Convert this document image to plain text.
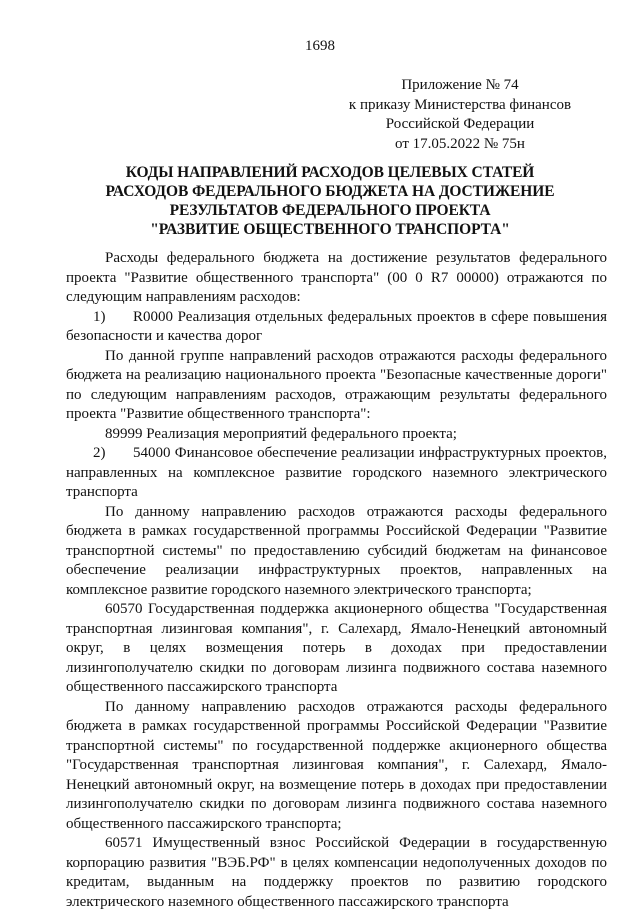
1698
Приложение № 74
к приказу Министерства финансов
Российской Федерации
от 17.05.2022 № 75н
КОДЫ НАПРАВЛЕНИЙ РАСХОДОВ ЦЕЛЕВЫХ СТАТЕЙ
РАСХОДОВ ФЕДЕРАЛЬНОГО БЮДЖЕТА НА ДОСТИЖЕНИЕ
РЕЗУЛЬТАТОВ ФЕДЕРАЛЬНОГО ПРОЕКТА
"РАЗВИТИЕ ОБЩЕСТВЕННОГО ТРАНСПОРТА"

Расходы федерального бюджета на достижение результатов федерального проекта "Развитие общественного транспорта" (00 0 R7 00000) отражаются по следующим направлениям расходов:

1) R0000 Реализация отдельных федеральных проектов в сфере повышения безопасности и качества дорог

По данной группе направлений расходов отражаются расходы федерального бюджета на реализацию национального проекта "Безопасные качественные дороги" по следующим направлениям расходов, отражающим результаты федерального проекта "Развитие общественного транспорта":

89999 Реализация мероприятий федерального проекта;

2) 54000 Финансовое обеспечение реализации инфраструктурных проектов, направленных на комплексное развитие городского наземного электрического транспорта

По данному направлению расходов отражаются расходы федерального бюджета в рамках государственной программы Российской Федерации "Развитие транспортной системы" по предоставлению субсидий бюджетам на финансовое обеспечение реализации инфраструктурных проектов, направленных на комплексное развитие городского наземного электрического транспорта;

60570 Государственная поддержка акционерного общества "Государственная транспортная лизинговая компания", г. Салехард, Ямало-Ненецкий автономный округ, в целях возмещения потерь в доходах при предоставлении лизингополучателю скидки по договорам лизинга подвижного состава наземного общественного пассажирского транспорта

По данному направлению расходов отражаются расходы федерального бюджета в рамках государственной программы Российской Федерации "Развитие транспортной системы" по государственной поддержке акционерного общества "Государственная транспортная лизинговая компания", г. Салехард, Ямало-Ненецкий автономный округ, на возмещение потерь в доходах при предоставлении лизингополучателю скидки по договорам лизинга подвижного состава наземного общественного пассажирского транспорта;

60571 Имущественный взнос Российской Федерации в государственную корпорацию развития "ВЭБ.РФ" в целях компенсации недополученных доходов по кредитам, выданным на поддержку проектов по развитию городского электрического наземного общественного пассажирского транспорта
